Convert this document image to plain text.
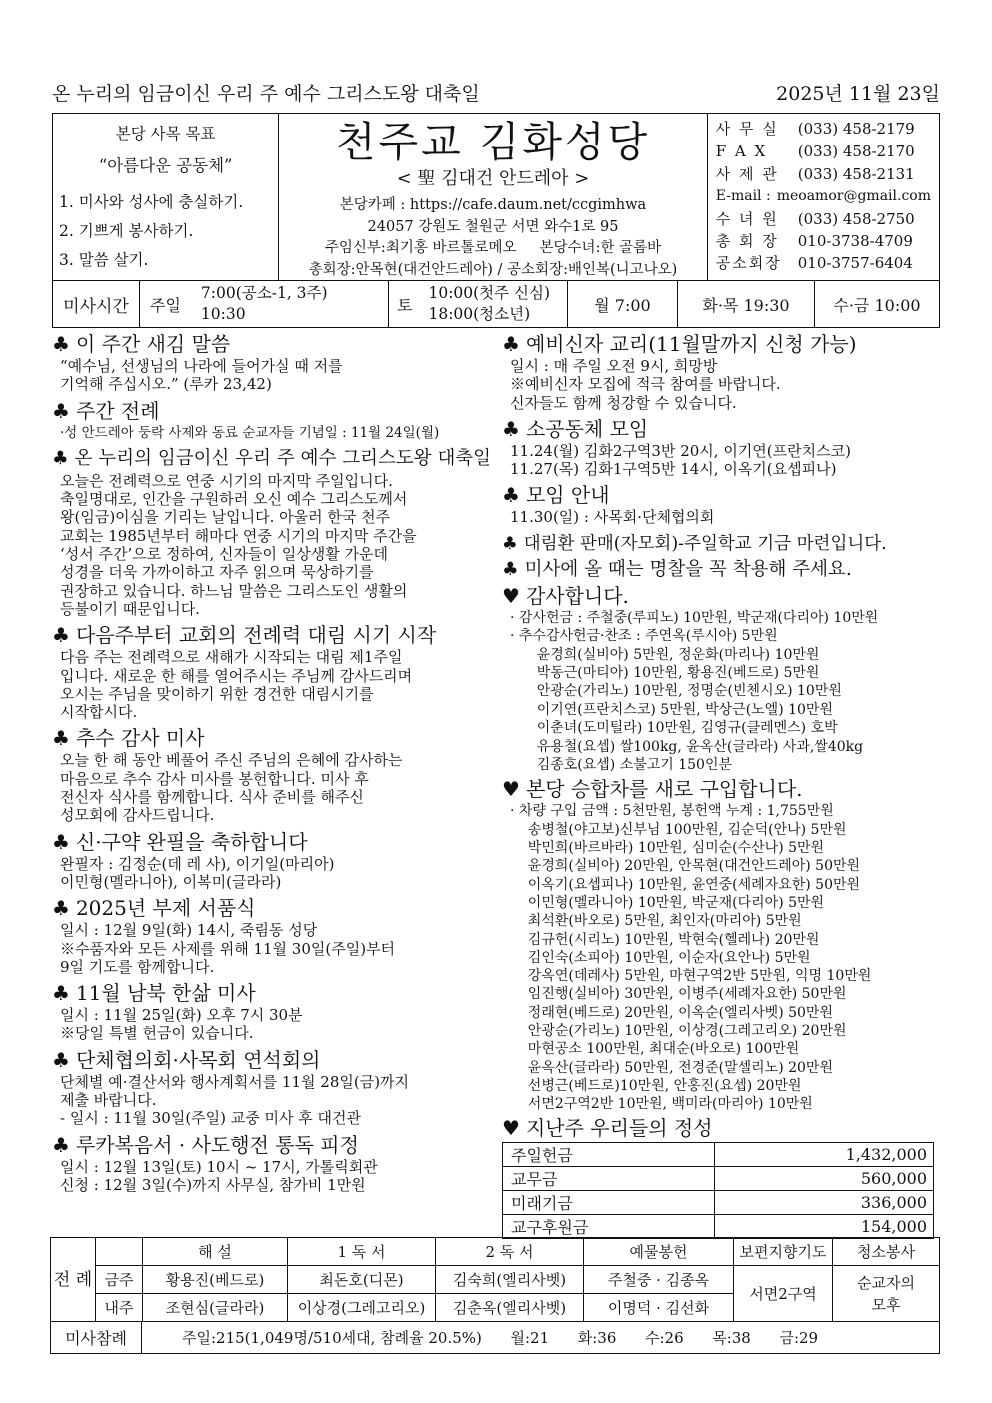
온 누리의 임금이신 우리 주 예수 그리스도왕 대축일	2025년 11월 23일
본당 사목 목표
“아름다운 공동체”
1. 미사와 성사에 충실하기.
2. 기쁘게 봉사하기.
3. 말씀 살기.
천주교 김화성당
< 聖 김대건 안드레아 >
본당카페 : https://cafe.daum.net/ccgimhwa
24057 강원도 철원군 서면 와수1로 95
주임신부:최기홍 바르톨로메오     본당수녀:한 골롬바
총회장:안목현(대건안드레아) / 공소회장:배인복(니고나오)
사 무 실	(033) 458-2179
F A X	(033) 458-2170
사 제 관	(033) 458-2131
E-mail : meoamor@gmail.com
수 녀 원	(033) 458-2750
총 회 장	010-3738-4709
공소회장	010-3757-6404
미사시간	주일
7:00(공소-1, 3주)
10:30	토
10:00(첫주 신심)
18:00(청소년)	월 7:00	화·목 19:30	수·금 10:00
♣ 이 주간 새김 말씀
“예수님, 선생님의 나라에 들어가실 때 저를
기억해 주십시오.” (루카 23,42)
♣ 주간 전례
·성 안드레아 둥락 사제와 동료 순교자들 기념일 : 11월 24일(월)
♣ 온 누리의 임금이신 우리 주 예수 그리스도왕 대축일
오늘은 전례력으로 연중 시기의 마지막 주일입니다.
축일명대로, 인간을 구원하러 오신 예수 그리스도께서
왕(임금)이심을 기리는 날입니다. 아울러 한국 천주
교회는 1985년부터 해마다 연중 시기의 마지막 주간을
‘성서 주간’으로 정하여, 신자들이 일상생활 가운데
성경을 더욱 가까이하고 자주 읽으며 묵상하기를
권장하고 있습니다. 하느님 말씀은 그리스도인 생활의
등불이기 때문입니다.
♣ 다음주부터 교회의 전례력 대림 시기 시작
다음 주는 전례력으로 새해가 시작되는 대림 제1주일
입니다. 새로운 한 해를 열어주시는 주님께 감사드리며
오시는 주님을 맞이하기 위한 경건한 대림시기를
시작합시다.
♣ 추수 감사 미사
오늘 한 해 동안 베풀어 주신 주님의 은혜에 감사하는
마음으로 추수 감사 미사를 봉헌합니다. 미사 후
전신자 식사를 함께합니다. 식사 준비를 해주신
성모회에 감사드립니다.
♣ 신·구약 완필을 축하합니다
완필자 : 김정순(데 레 사), 이기일(마리아)
이민형(멜라니아), 이복미(글라라)
♣ 2025년 부제 서품식
일시 : 12월 9일(화) 14시, 죽림동 성당
※수품자와 모든 사제를 위해 11월 30일(주일)부터
9일 기도를 함께합니다.
♣ 11월 남북 한삶 미사
일시 : 11월 25일(화) 오후 7시 30분
※당일 특별 헌금이 있습니다.
♣ 단체협의회·사목회 연석회의
단체별 예·결산서와 행사계획서를 11월 28일(금)까지
제출 바랍니다.
- 일시 : 11월 30일(주일) 교중 미사 후 대건관
♣ 루카복음서 · 사도행전 통독 피정
일시 : 12월 13일(토) 10시 ~ 17시, 가톨릭회관
신청 : 12월 3일(수)까지 사무실, 참가비 1만원
♣ 예비신자 교리(11월말까지 신청 가능)
일시 : 매 주일 오전 9시, 희망방
※예비신자 모집에 적극 참여를 바랍니다.
신자들도 함께 청강할 수 있습니다.
♣ 소공동체 모임
11.24(월) 김화2구역3반 20시, 이기연(프란치스코)
11.27(목) 김화1구역5반 14시, 이옥기(요셉피나)
♣ 모임 안내
11.30(일) : 사목회·단체협의회
♣ 대림환 판매(자모회)-주일학교 기금 마련입니다.
♣ 미사에 올 때는 명찰을 꼭 착용해 주세요.
♥ 감사합니다.
· 감사헌금 : 주철중(루피노) 10만원, 박군재(다리아) 10만원
· 추수감사헌금·찬조 : 주연옥(루시아) 5만원
윤경희(실비아) 5만원, 정운화(마리나) 10만원
박동근(마티아) 10만원, 황용진(베드로) 5만원
안광순(가리노) 10만원, 정명순(빈첸시오) 10만원
이기연(프란치스코) 5만원, 박상근(노엘) 10만원
이춘녀(도미틸라) 10만원, 김영규(클레멘스) 호박
유용철(요셉) 쌀100kg, 윤옥산(글라라) 사과,쌀40kg
김종호(요셉) 소불고기 150인분
♥ 본당 승합차를 새로 구입합니다.
· 차량 구입 금액 : 5천만원, 봉헌액 누계 : 1,755만원
송병철(야고보)신부님 100만원, 김순덕(안나) 5만원
박민희(바르바라) 10만원, 심미순(수산나) 5만원
윤경희(실비아) 20만원, 안목현(대건안드레아) 50만원
이옥기(요셉피나) 10만원, 윤연중(세례자요한) 50만원
이민형(멜라니아) 10만원, 박군재(다리아) 5만원
최석환(바오로) 5만원, 최인자(마리아) 5만원
김규헌(시리노) 10만원, 박현숙(헬레나) 20만원
김인숙(소피아) 10만원, 이순자(요안나) 5만원
강옥연(데레사) 5만원, 마현구역2반 5만원, 익명 10만원
임진행(실비아) 30만원, 이병주(세례자요한) 50만원
정래현(베드로) 20만원, 이옥순(엘리사벳) 50만원
안광순(가리노) 10만원, 이상경(그레고리오) 20만원
마현공소 100만원, 최대순(바오로) 100만원
윤옥산(글라라) 50만원, 전경준(말셀리노) 20만원
선병근(베드로)10만원, 안홍진(요셉) 20만원
서면2구역2반 10만원, 백미라(마리아) 10만원
♥ 지난주 우리들의 정성
주일헌금	1,432,000
교무금	560,000
미래기금	336,000
교구후원금	154,000
전 례		해 설	1 독 서	2 독 서	예물봉헌	보편지향기도	청소봉사
	금주	황용진(베드로)	최돈호(디몬)	김숙희(엘리사벳)	주철중 · 김종옥	서면2구역	순교자의
모후
	내주	조현심(글라라)	이상경(그레고리오)	김춘옥(엘리사벳)	이명덕 · 김선화		
미사참례	주일:215(1,049명/510세대, 참례율 20.5%)      월:21      화:36      수:26      목:38      금:29
